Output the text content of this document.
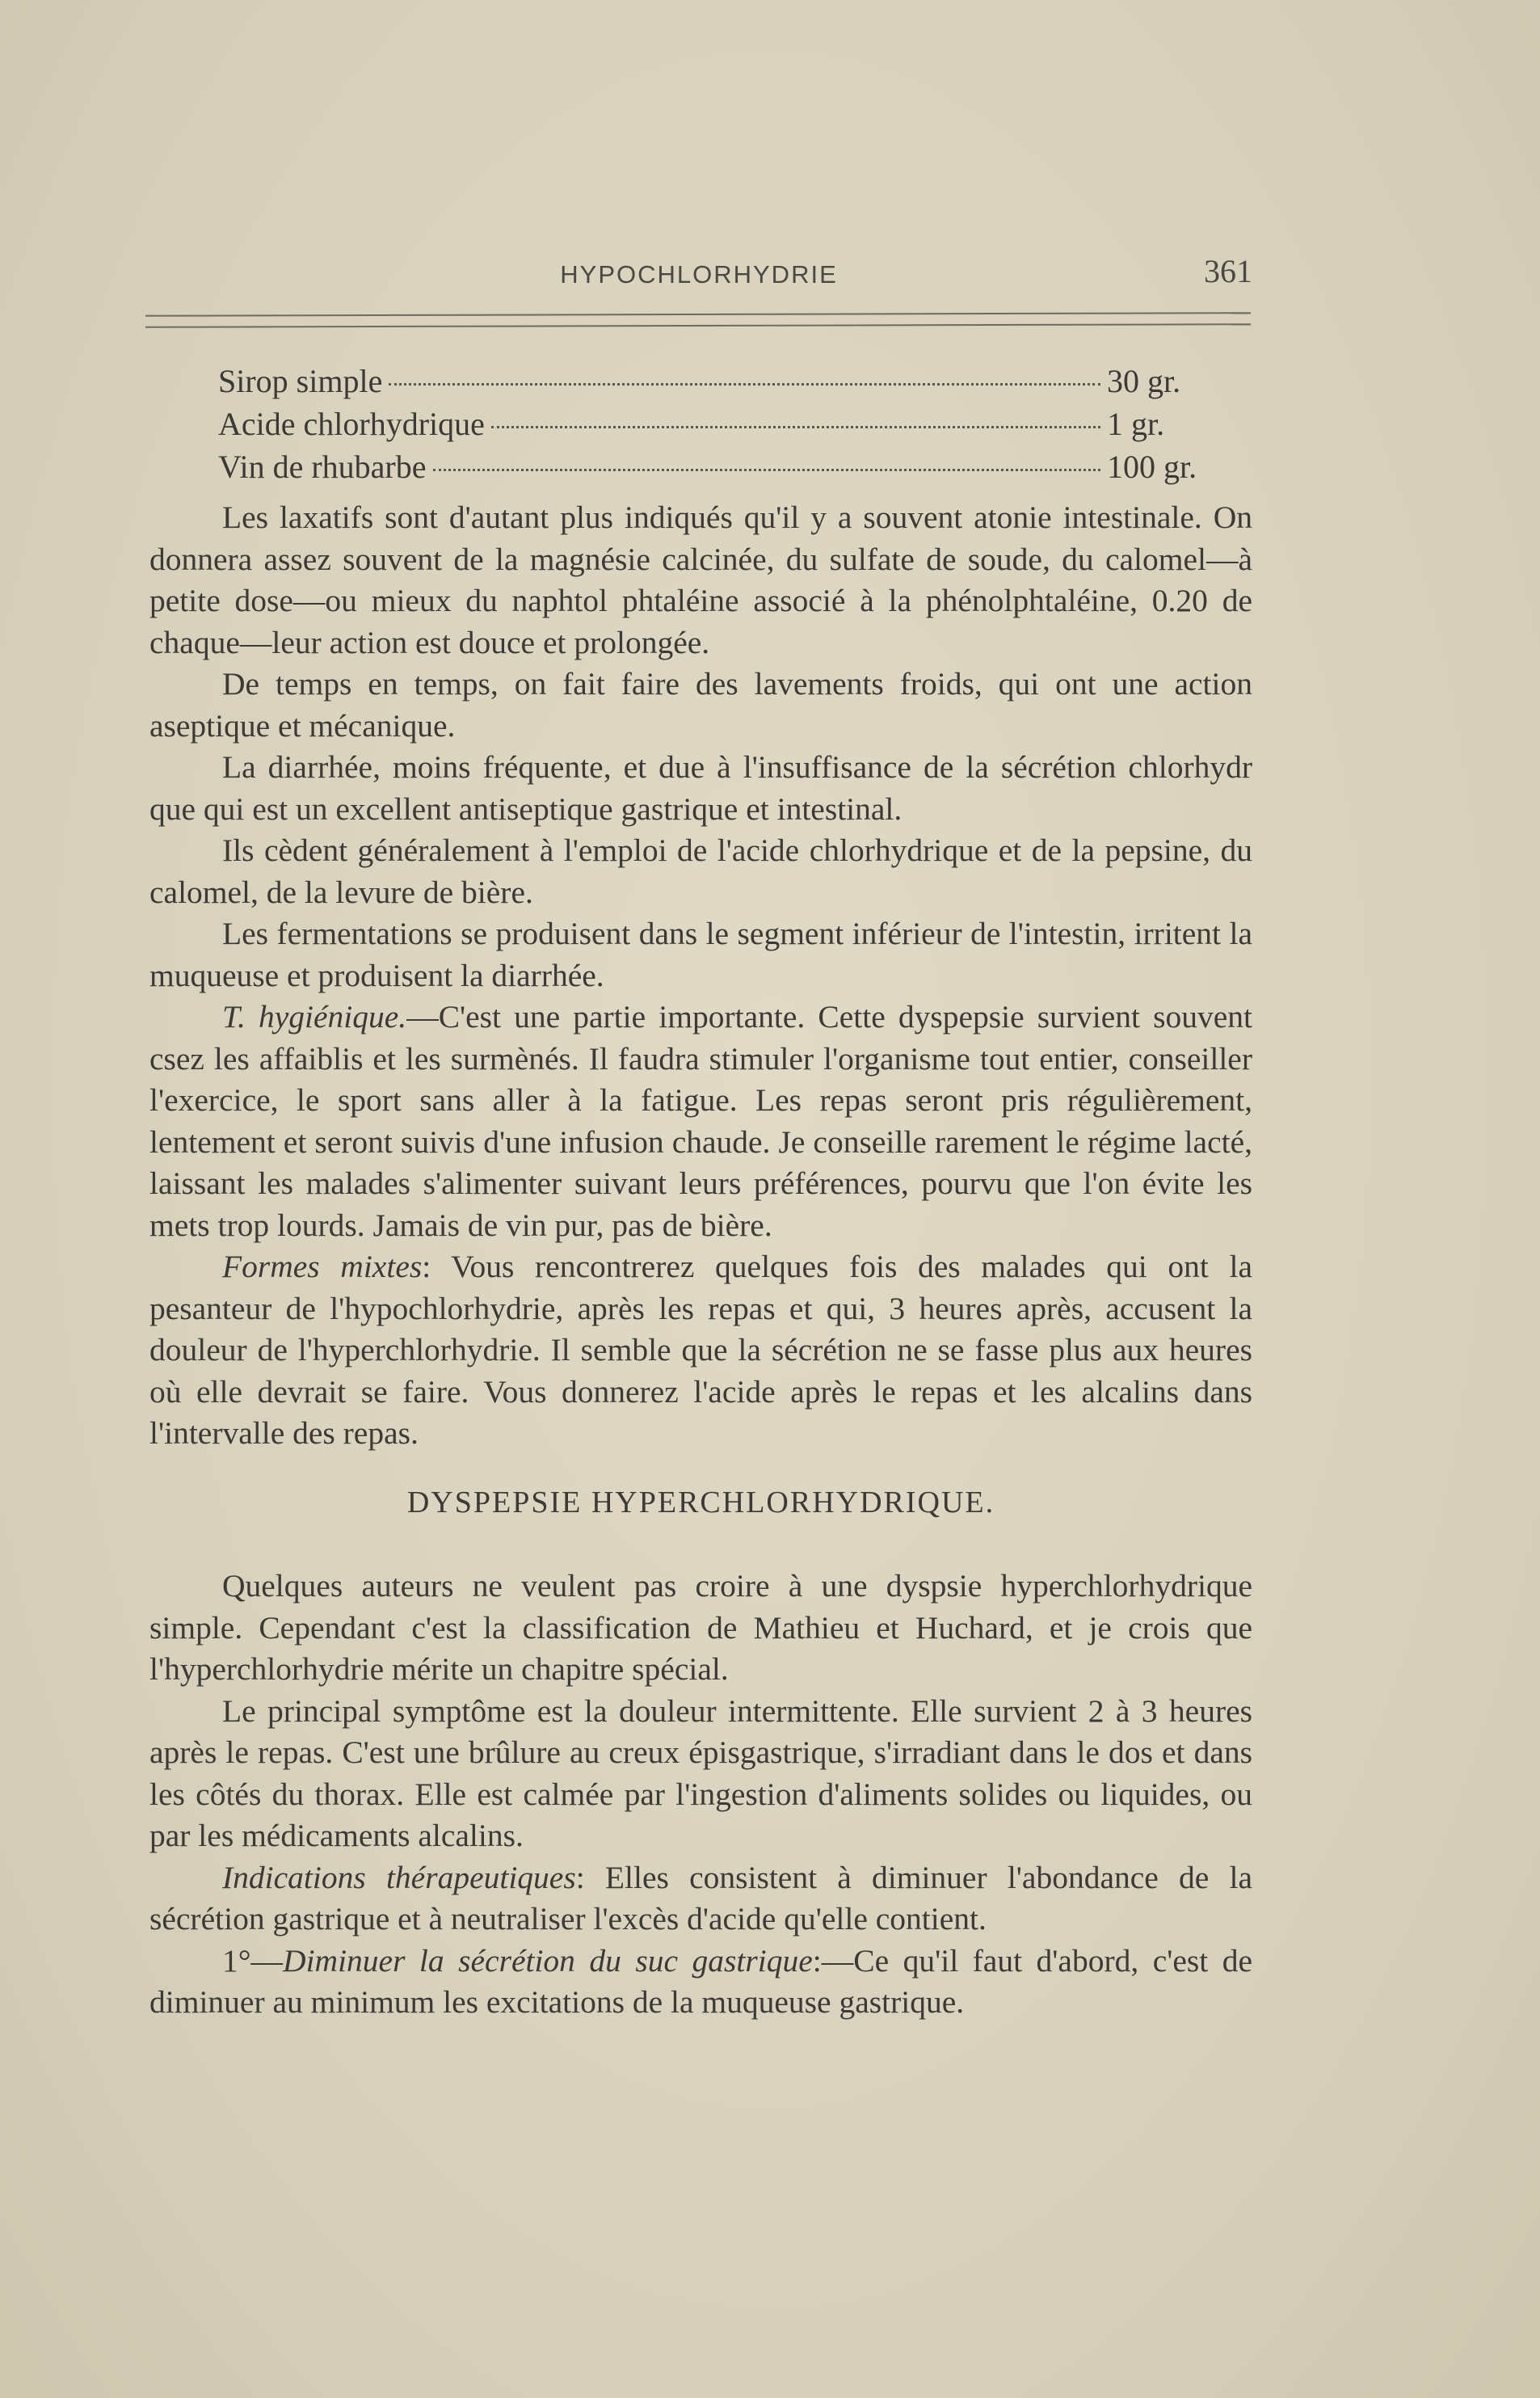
HYPOCHLORHYDRIE	361
Sirop simple	30 gr.
Acide chlorhydrique	1 gr.
Vin de rhubarbe	100 gr.

Les laxatifs sont d'autant plus indiqués qu'il y a souvent atonie intestinale. On donnera assez souvent de la magnésie calcinée, du sulfate de soude, du calomel—à petite dose—ou mieux du naphtol phtaléine associé à la phénolphtaléine, 0.20 de chaque—leur action est douce et prolongée.

De temps en temps, on fait faire des lavements froids, qui ont une action aseptique et mécanique.

La diarrhée, moins fréquente, et due à l'insuffisance de la sécrétion chlorhydr que qui est un excellent antiseptique gastrique et intestinal.

Ils cèdent généralement à l'emploi de l'acide chlorhydrique et de la pepsine, du calomel, de la levure de bière.

Les fermentations se produisent dans le segment inférieur de l'intestin, irritent la muqueuse et produisent la diarrhée.

T. hygiénique.—C'est une partie importante. Cette dyspepsie survient souvent csez les affaiblis et les surmènés. Il faudra stimuler l'organisme tout entier, conseiller l'exercice, le sport sans aller à la fatigue. Les repas seront pris régulièrement, lentement et seront suivis d'une infusion chaude. Je conseille rarement le régime lacté, laissant les malades s'alimenter suivant leurs préférences, pourvu que l'on évite les mets trop lourds. Jamais de vin pur, pas de bière.

Formes mixtes: Vous rencontrerez quelques fois des malades qui ont la pesanteur de l'hypochlorhydrie, après les repas et qui, 3 heures après, accusent la douleur de l'hyperchlorhydrie. Il semble que la sécrétion ne se fasse plus aux heures où elle devrait se faire. Vous donnerez l'acide après le repas et les alcalins dans l'intervalle des repas.

DYSPEPSIE HYPERCHLORHYDRIQUE.

Quelques auteurs ne veulent pas croire à une dyspsie hyperchlorhydrique simple. Cependant c'est la classification de Mathieu et Huchard, et je crois que l'hyperchlorhydrie mérite un chapitre spécial.

Le principal symptôme est la douleur intermittente. Elle survient 2 à 3 heures après le repas. C'est une brûlure au creux épisgastrique, s'irradiant dans le dos et dans les côtés du thorax. Elle est calmée par l'ingestion d'aliments solides ou liquides, ou par les médicaments alcalins.

Indications thérapeutiques: Elles consistent à diminuer l'abondance de la sécrétion gastrique et à neutraliser l'excès d'acide qu'elle contient.

1°—Diminuer la sécrétion du suc gastrique:—Ce qu'il faut d'abord, c'est de diminuer au minimum les excitations de la muqueuse gastrique.
